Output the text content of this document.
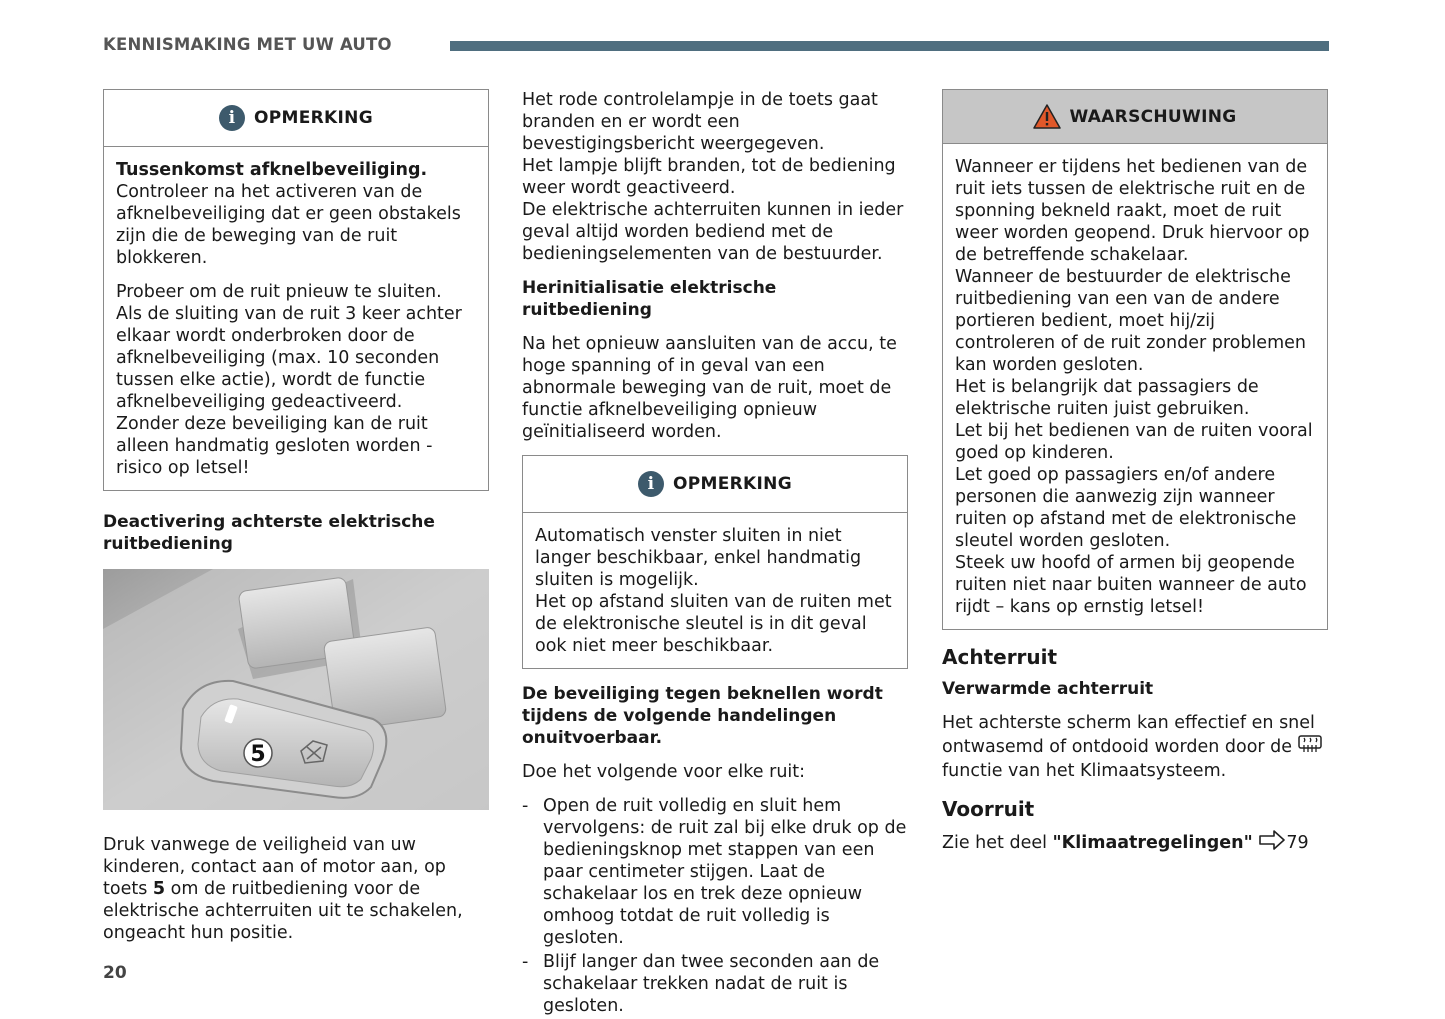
KENNISMAKING MET UW AUTO
i	OPMERKING

Tussenkomst afknelbeveiliging. Controleer na het activeren van de afknelbeveiliging dat er geen obstakels zijn die de beweging van de ruit blokkeren.

Probeer om de ruit pnieuw te sluiten.

Als de sluiting van de ruit 3 keer achter elkaar wordt onderbroken door de afknelbeveiliging (max. 10 seconden tussen elke actie), wordt de functie afknelbeveiliging gedeactiveerd.

Zonder deze beveiliging kan de ruit alleen handmatig gesloten worden - risico op letsel!

Deactivering achterste elektrische ruitbediening
5

Druk vanwege de veiligheid van uw kinderen, contact aan of motor aan, op toets 5 om de ruitbediening voor de elektrische achterruiten uit te schakelen, ongeacht hun positie.

Het rode controlelampje in de toets gaat branden en er wordt een bevestigingsbericht weergegeven.

Het lampje blijft branden, tot de bediening weer wordt geactiveerd.

De elektrische achterruiten kunnen in ieder geval altijd worden bediend met de bedieningselementen van de bestuurder.

Herinitialisatie elektrische ruitbediening

Na het opnieuw aansluiten van de accu, te hoge spanning of in geval van een abnormale beweging van de ruit, moet de functie afknelbeveiliging opnieuw geïnitialiseerd worden.

i	OPMERKING

Automatisch venster sluiten in niet langer beschikbaar, enkel handmatig sluiten is mogelijk.

Het op afstand sluiten van de ruiten met de elektronische sleutel is in dit geval ook niet meer beschikbaar.

De beveiliging tegen beknellen wordt tijdens de volgende handelingen onuitvoerbaar.

Doe het volgende voor elke ruit:

- Open de ruit volledig en sluit hem vervolgens: de ruit zal bij elke druk op de bedieningsknop met stappen van een paar centimeter stijgen. Laat de schakelaar los en trek deze opnieuw omhoog totdat de ruit volledig is gesloten.
- Blijf langer dan twee seconden aan de schakelaar trekken nadat de ruit is gesloten.
WAARSCHUWING

Wanneer er tijdens het bedienen van de ruit iets tussen de elektrische ruit en de sponning bekneld raakt, moet de ruit weer worden geopend. Druk hiervoor op de betreffende schakelaar.

Wanneer de bestuurder de elektrische ruitbediening van een van de andere portieren bedient, moet hij/zij controleren of de ruit zonder problemen kan worden gesloten.

Het is belangrijk dat passagiers de elektrische ruiten juist gebruiken.

Let bij het bedienen van de ruiten vooral goed op kinderen.

Let goed op passagiers en/of andere personen die aanwezig zijn wanneer ruiten op afstand met de elektronische sleutel worden gesloten.

Steek uw hoofd of armen bij geopende ruiten niet naar buiten wanneer de auto rijdt – kans op ernstig letsel!

Achterruit
Verwarmde achterruit

Het achterste scherm kan effectief en snel ontwasemd of ontdooid worden door de  functie van het Klimaatsysteem.

Voorruit

Zie het deel "Klimaatregelingen" 79

20
